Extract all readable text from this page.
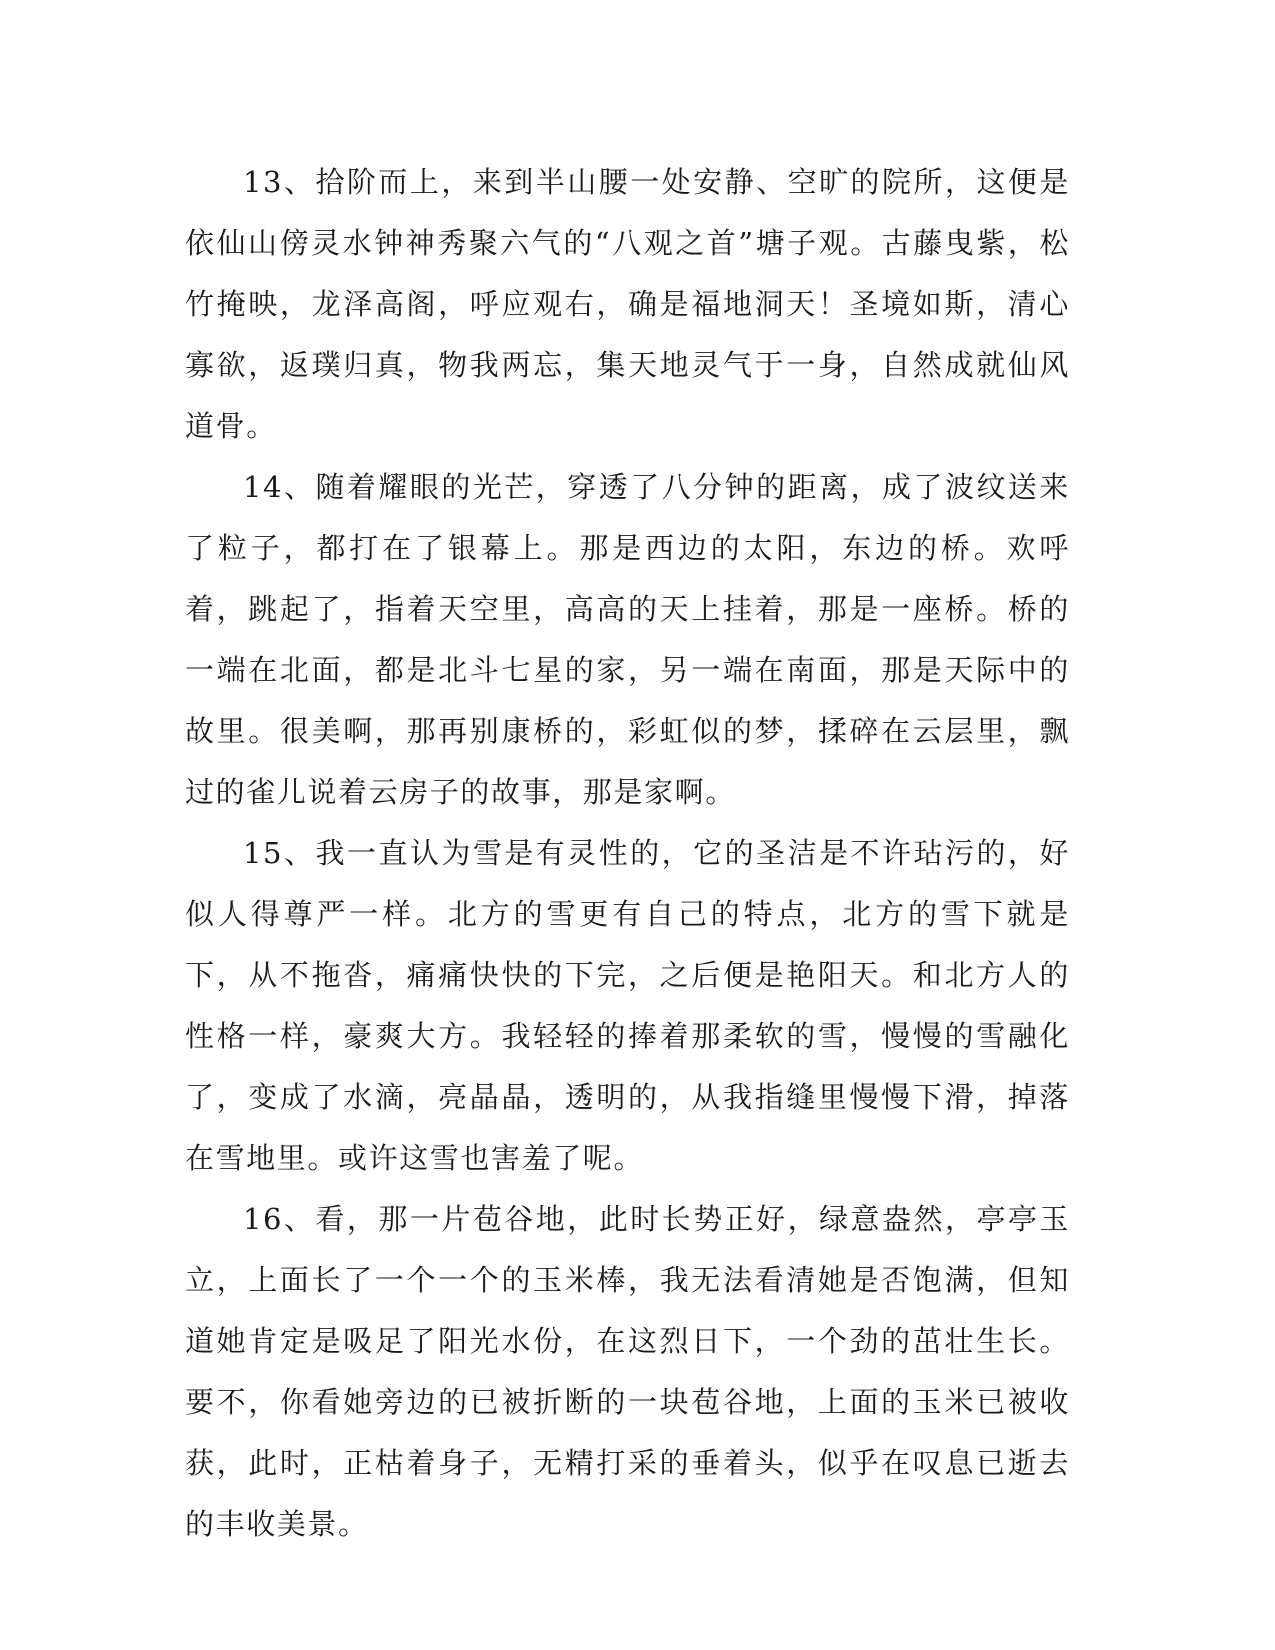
13、拾阶而上，来到半山腰一处安静、空旷的院所，这便是依仙山傍灵水钟神秀聚六气的“八观之首”塘子观。古藤曳紫，松竹掩映，龙泽高阁，呼应观右，确是福地洞天！圣境如斯，清心寡欲，返璞归真，物我两忘，集天地灵气于一身，自然成就仙风道骨。

14、随着耀眼的光芒，穿透了八分钟的距离，成了波纹送来了粒子，都打在了银幕上。那是西边的太阳，东边的桥。欢呼着，跳起了，指着天空里，高高的天上挂着，那是一座桥。桥的一端在北面，都是北斗七星的家，另一端在南面，那是天际中的故里。很美啊，那再别康桥的，彩虹似的梦，揉碎在云层里，飘过的雀儿说着云房子的故事，那是家啊。

15、我一直认为雪是有灵性的，它的圣洁是不许玷污的，好似人得尊严一样。北方的雪更有自己的特点，北方的雪下就是下，从不拖沓，痛痛快快的下完，之后便是艳阳天。和北方人的性格一样，豪爽大方。我轻轻的捧着那柔软的雪，慢慢的雪融化了，变成了水滴，亮晶晶，透明的，从我指缝里慢慢下滑，掉落在雪地里。或许这雪也害羞了呢。

16、看，那一片苞谷地，此时长势正好，绿意盎然，亭亭玉立，上面长了一个一个的玉米棒，我无法看清她是否饱满，但知道她肯定是吸足了阳光水份，在这烈日下，一个劲的茁壮生长。要不，你看她旁边的已被折断的一块苞谷地，上面的玉米已被收获，此时，正枯着身子，无精打采的垂着头，似乎在叹息已逝去的丰收美景。
